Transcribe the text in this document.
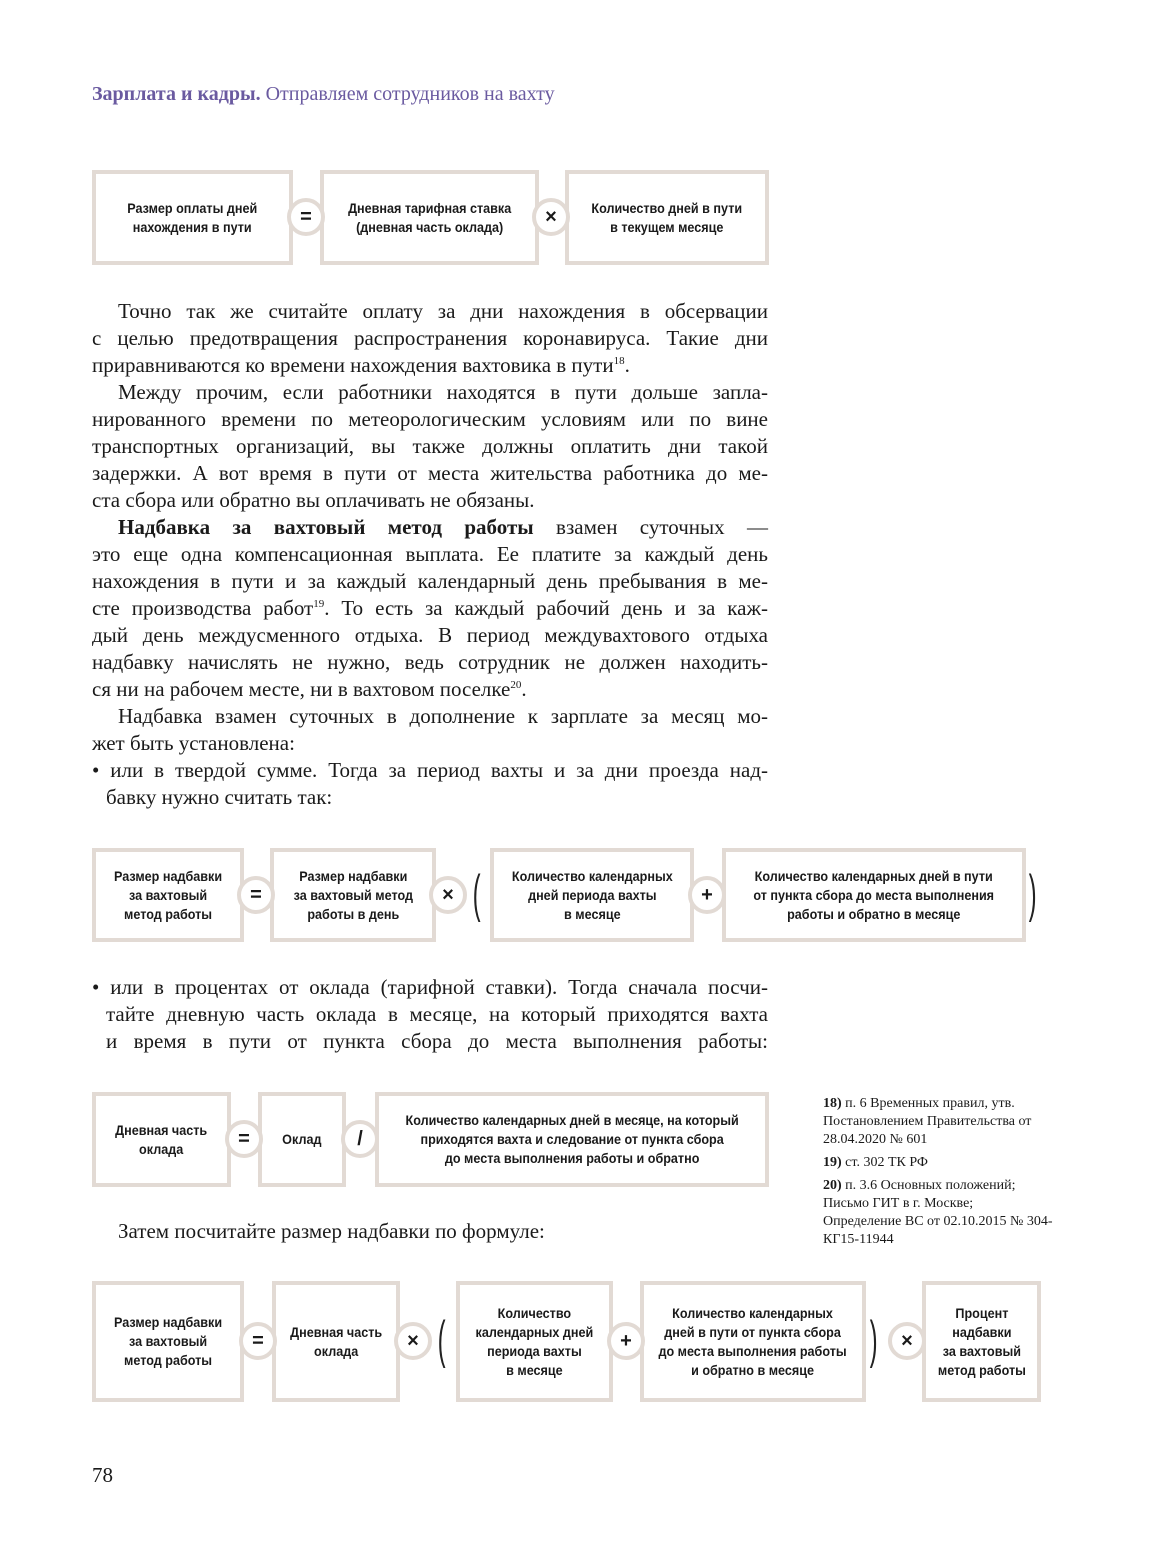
Зарплата и кадры. Отправляем сотрудников на вахту
Размер оплаты дней
нахождения в пути
Дневная тарифная ставка
(дневная часть оклада)
Количество дней в пути
в текущем месяце
=	×
Размер надбавки
за вахтовый
метод работы
Размер надбавки
за вахтовый метод
работы в день
Количество календарных
дней периода вахты
в месяце
Количество календарных дней в пути
от пункта сбора до места выполнения
работы и обратно в месяце
=	×	+
(	)
Дневная часть
оклада
Оклад
Количество календарных дней в месяце, на который
приходятся вахта и следование от пункта сбора
до места выполнения работы и обратно
=	/
Размер надбавки
за вахтовый
метод работы
Дневная часть
оклада
Количество
календарных дней
периода вахты
в месяце
Количество календарных
дней в пути от пункта сбора
до места выполнения работы
и обратно в месяце
Процент
надбавки
за вахтовый
метод работы
=	×	+	×
(	)
Точно так же считайте оплату за дни нахождения в обсервации
с целью предотвращения распространения коронавируса. Такие дни
приравниваются ко времени нахождения вахтовика в пути$^{18}$.
Между прочим, если работники находятся в пути дольше запла-
нированного времени по метеорологическим условиям или по вине
транспортных организаций, вы также должны оплатить дни такой
задержки. А вот время в пути от места жительства работника до ме-
ста сбора или обратно вы оплачивать не обязаны.
Надбавка за вахтовый метод работы взамен суточных —
это еще одна компенсационная выплата. Ее платите за каждый день
нахождения в пути и за каждый календарный день пребывания в ме-
сте производства работ$^{19}$. То есть за каждый рабочий день и за каж-
дый день междусменного отдыха. В период междувахтового отдыха
надбавку начислять не нужно, ведь сотрудник не должен находить-
ся ни на рабочем месте, ни в вахтовом поселке$^{20}$.
Надбавка взамен суточных в дополнение к зарплате за месяц мо-
жет быть установлена:
• или в твердой сумме. Тогда за период вахты и за дни проезда над-
бавку нужно считать так:
• или в процентах от оклада (тарифной ставки). Тогда сначала посчи-
тайте дневную часть оклада в месяце, на который приходятся вахта
и время в пути от пункта сбора до места выполнения работы:
Затем посчитайте размер надбавки по формуле:

18) п. 6 Временных правил, утв. Постановлением Правительства от 28.04.2020 № 601

19) ст. 302 ТК РФ

20) п. 3.6 Основных положений; Письмо ГИТ в г. Москве; Определение ВС от 02.10.2015 № 304-КГ15-11944

78
